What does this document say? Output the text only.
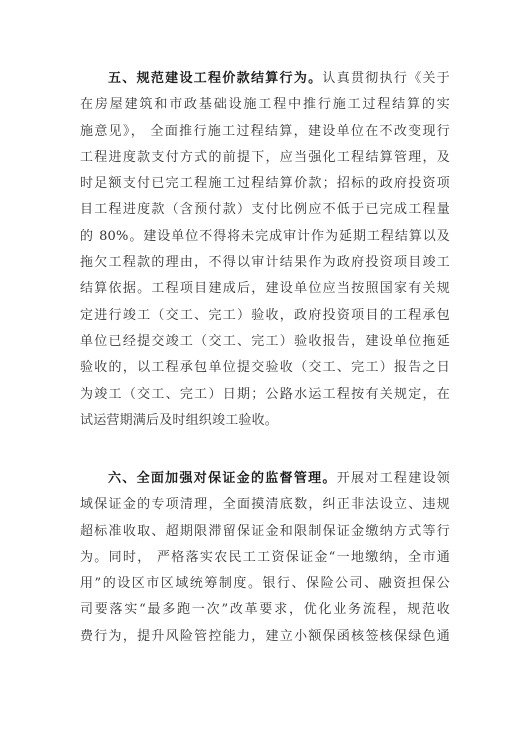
五、规范建设工程价款结算行为。认真贯彻执行《关于
在房屋建筑和市政基础设施工程中推行施工过程结算的实
施意见》， 全面推行施工过程结算，建设单位在不改变现行
工程进度款支付方式的前提下，应当强化工程结算管理，及
时足额支付已完工程施工过程结算价款；招标的政府投资项
目工程进度款（含预付款）支付比例应不低于已完成工程量
的 80%。建设单位不得将未完成审计作为延期工程结算以及
拖欠工程款的理由，不得以审计结果作为政府投资项目竣工
结算依据。工程项目建成后，建设单位应当按照国家有关规
定进行竣工（交工、完工）验收，政府投资项目的工程承包
单位已经提交竣工（交工、完工）验收报告，建设单位拖延
验收的，以工程承包单位提交验收（交工、完工）报告之日
为竣工（交工、完工）日期；公路水运工程按有关规定，在
试运营期满后及时组织竣工验收。
六、全面加强对保证金的监督管理。开展对工程建设领
域保证金的专项清理，全面摸清底数，纠正非法设立、违规
超标准收取、超期限滞留保证金和限制保证金缴纳方式等行
为。同时， 严格落实农民工工资保证金“一地缴纳，全市通
用”的设区市区域统筹制度。银行、保险公司、融资担保公
司要落实“最多跑一次”改革要求，优化业务流程，规范收
费行为，提升风险管控能力，建立小额保函核签核保绿色通
